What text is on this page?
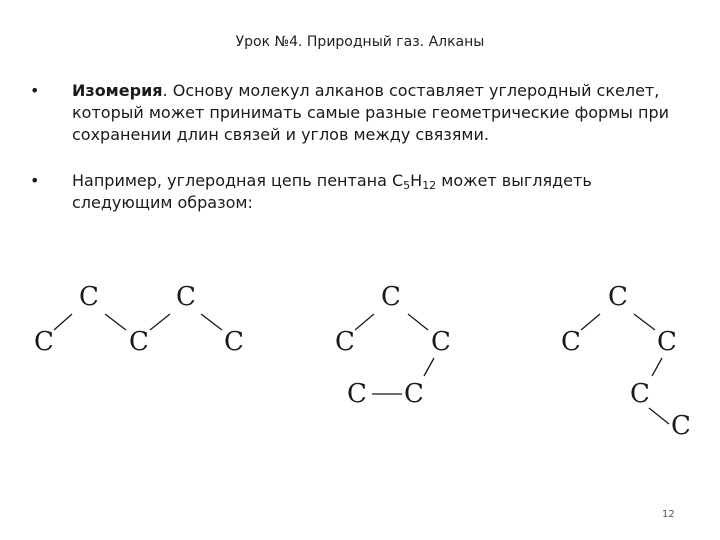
Урок №4. Природный газ. Алканы
• Изомерия. Основу молекул алканов составляет углеродный скелет, который может принимать самые разные геометрические формы при сохранении длин связей и углов между связями.
• Например, углеродная цепь пентана $С_5Н_{12}$ может выглядеть следующим образом:
C
C
C
C
C	C
C
C
C C
C
C
C
C
C
12
